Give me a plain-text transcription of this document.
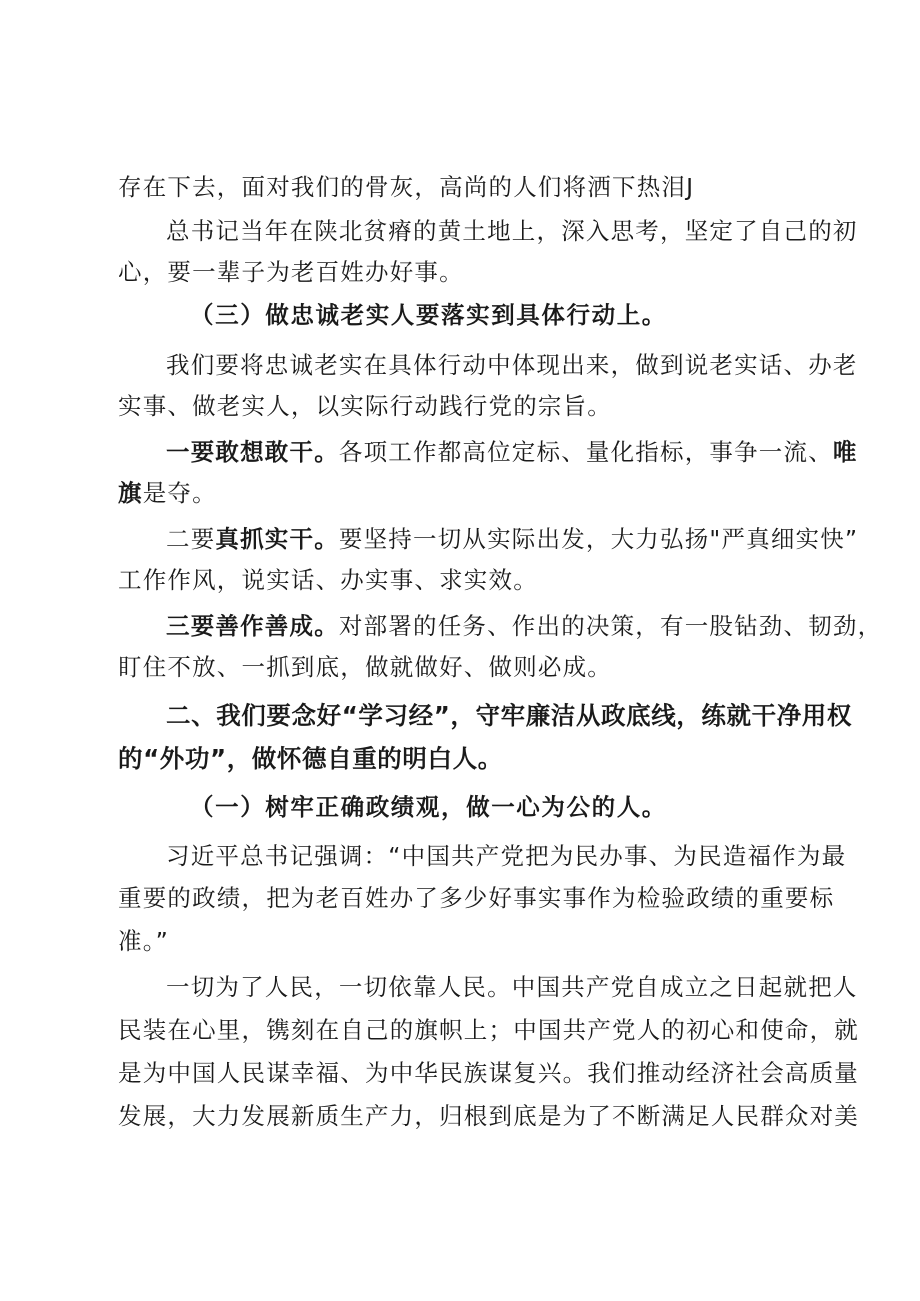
存在下去，面对我们的骨灰，高尚的人们将洒下热泪J
总书记当年在陕北贫瘠的黄土地上，深入思考，坚定了自己的初
心，要一辈子为老百姓办好事。
（三）做忠诚老实人要落实到具体行动上。
我们要将忠诚老实在具体行动中体现出来，做到说老实话、办老
实事、做老实人，以实际行动践行党的宗旨。
一要敢想敢干。各项工作都高位定标、量化指标，事争一流、唯
旗是夺。
二要真抓实干。要坚持一切从实际出发，大力弘扬"严真细实快”
工作作风，说实话、办实事、求实效。
三要善作善成。对部署的任务、作出的决策，有一股钻劲、韧劲，
盯住不放、一抓到底，做就做好、做则必成。
二、我们要念好“学习经”，守牢廉洁从政底线，练就干净用权
的“外功”，做怀德自重的明白人。
（一）树牢正确政绩观，做一心为公的人。
习近平总书记强调：“中国共产党把为民办事、为民造福作为最
重要的政绩，把为老百姓办了多少好事实事作为检验政绩的重要标
准。”
一切为了人民，一切依靠人民。中国共产党自成立之日起就把人
民装在心里，镌刻在自己的旗帜上；中国共产党人的初心和使命，就
是为中国人民谋幸福、为中华民族谋复兴。我们推动经济社会高质量
发展，大力发展新质生产力，归根到底是为了不断满足人民群众对美
